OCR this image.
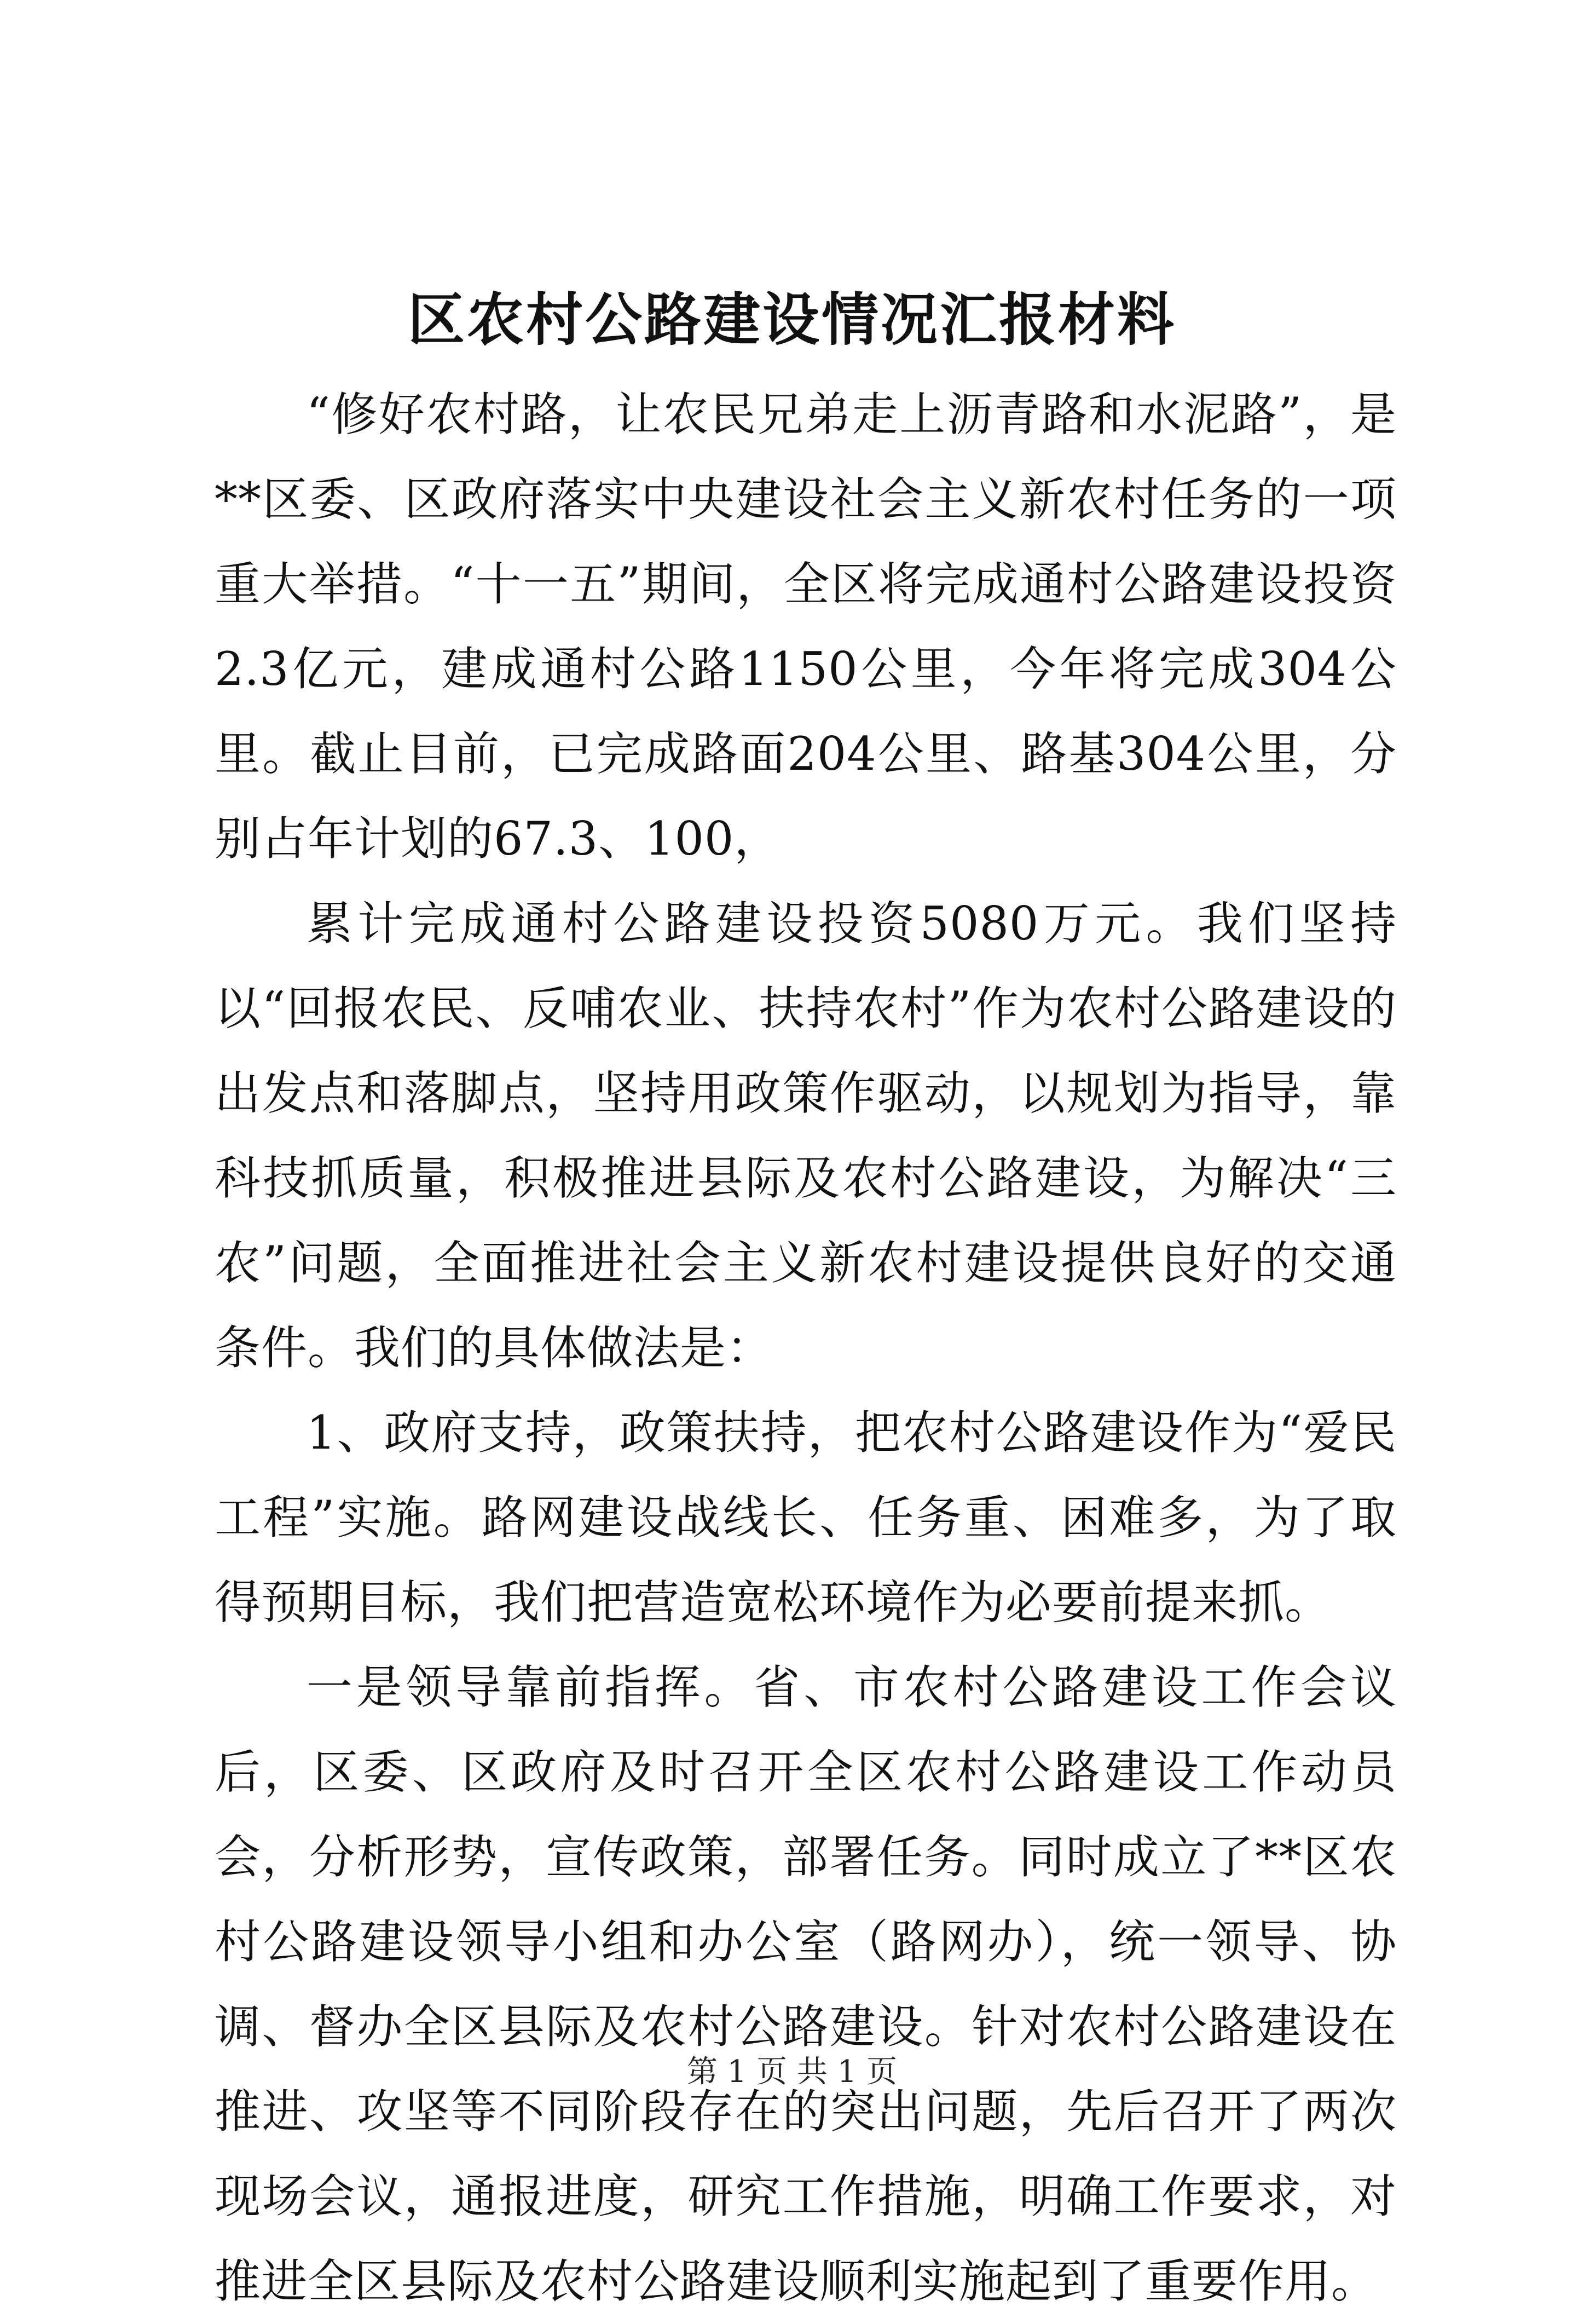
区农村公路建设情况汇报材料

“修好农村路，让农民兄弟走上沥青路和水泥路”，是**区委、区政府落实中央建设社会主义新农村任务的一项重大举措。“十一五”期间，全区将完成通村公路建设投资2.3亿元，建成通村公路1150公里，今年将完成304公里。截止目前，已完成路面204公里、路基304公里，分别占年计划的67.3、100，

累计完成通村公路建设投资5080万元。我们坚持以“回报农民、反哺农业、扶持农村”作为农村公路建设的出发点和落脚点，坚持用政策作驱动，以规划为指导，靠科技抓质量，积极推进县际及农村公路建设，为解决“三农”问题，全面推进社会主义新农村建设提供良好的交通条件。我们的具体做法是：

1、政府支持，政策扶持，把农村公路建设作为“爱民工程”实施。路网建设战线长、任务重、困难多，为了取得预期目标，我们把营造宽松环境作为必要前提来抓。

一是领导靠前指挥。省、市农村公路建设工作会议后，区委、区政府及时召开全区农村公路建设工作动员会，分析形势，宣传政策，部署任务。同时成立了**区农村公路建设领导小组和办公室（路网办），统一领导、协调、督办全区县际及农村公路建设。针对农村公路建设在推进、攻坚等不同阶段存在的突出问题，先后召开了两次现场会议，通报进度，研究工作措施，明确工作要求，对推进全区县际及农村公路建设顺利实施起到了重要作用。

第 1 页 共 1 页
